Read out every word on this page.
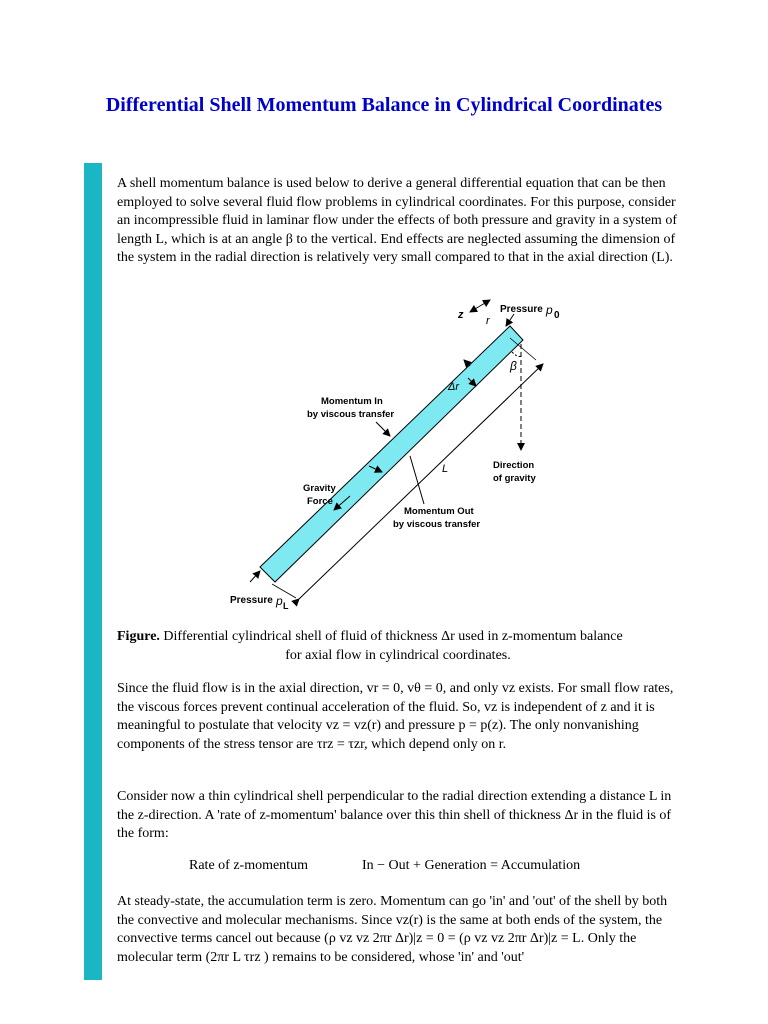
Differential Shell Momentum Balance in Cylindrical Coordinates

A shell momentum balance is used below to derive a general differential equation that can be then employed to solve several fluid flow problems in cylindrical coordinates. For this purpose, consider an incompressible fluid in laminar flow under the effects of both pressure and gravity in a system of length L, which is at an angle β to the vertical. End effects are neglected assuming the dimension of the system in the radial direction is relatively very small compared to that in the axial direction (L).

z r
Pressure p 0
β
Δr
Momentum In
by viscous transfer
L	Direction
of gravity
Gravity
Force
Momentum Out
by viscous transfer
Pressure p L
Figure. Differential cylindrical shell of fluid of thickness Δr used in z-momentum balance
for axial flow in cylindrical coordinates.

Since the fluid flow is in the axial direction, vr = 0, vθ = 0, and only vz exists. For small flow rates, the viscous forces prevent continual acceleration of the fluid. So, vz is independent of z and it is meaningful to postulate that velocity vz = vz(r) and pressure p = p(z). The only nonvanishing components of the stress tensor are τrz = τzr, which depend only on r.

Consider now a thin cylindrical shell perpendicular to the radial direction extending a distance L in the z-direction. A 'rate of z-momentum' balance over this thin shell of thickness Δr in the fluid is of the form:

Rate of z-momentum	In − Out + Generation = Accumulation

At steady-state, the accumulation term is zero. Momentum can go 'in' and 'out' of the shell by both the convective and molecular mechanisms. Since vz(r) is the same at both ends of the system, the convective terms cancel out because (ρ vz vz 2πr Δr)|z = 0 = (ρ vz vz 2πr Δr)|z = L. Only the molecular term (2πr L τrz ) remains to be considered, whose 'in' and 'out'
